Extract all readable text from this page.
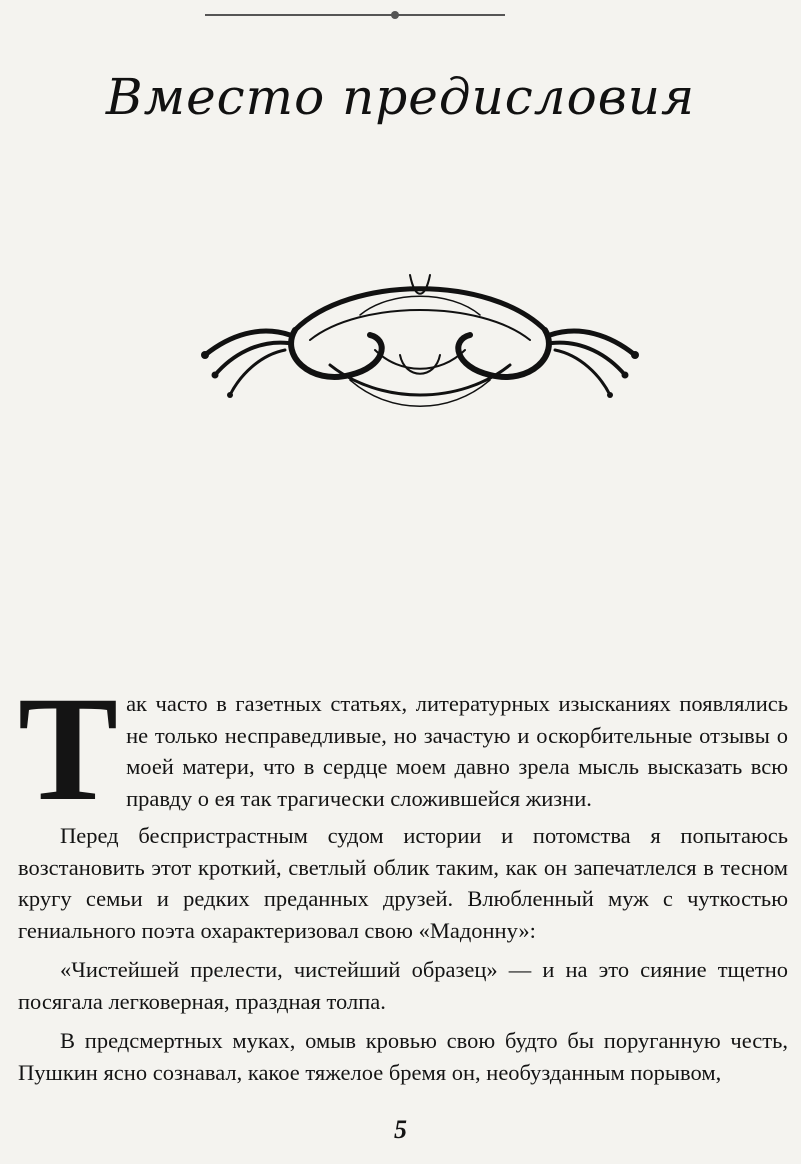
Вместо предисловия

Т ак часто в газетных статьях, литературных изысканиях появлялись не только несправедливые, но зачастую и оскорбительные отзывы о моей матери, что в сердце моем давно зрела мысль высказать всю правду о ея так трагически сложившейся жизни.

Перед беспристрастным судом истории и потомства я попытаюсь возстановить этот кроткий, светлый облик таким, как он запечатлелся в тесном кругу семьи и редких преданных друзей. Влюбленный муж с чуткостью гениального поэта охарактеризовал свою «Мадонну»:

«Чистейшей прелести, чистейший образец» — и на это сияние тщетно посягала легковерная, праздная толпа.

В предсмертных муках, омыв кровью свою будто бы поруганную честь, Пушкин ясно сознавал, какое тяжелое бремя он, необузданным порывом,

5
